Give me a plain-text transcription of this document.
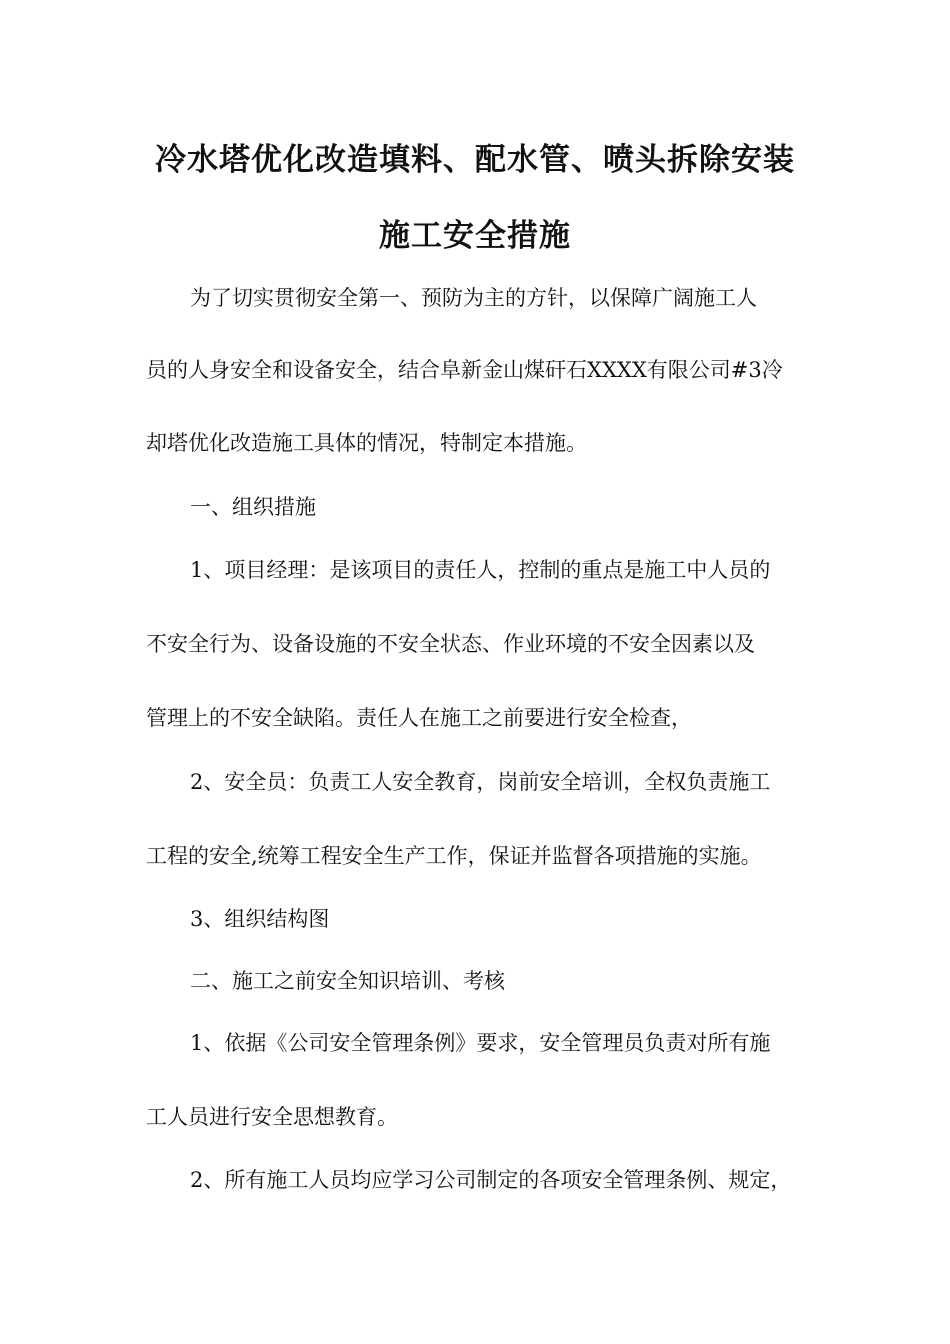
冷水塔优化改造填料、配水管、喷头拆除安装
施工安全措施

为了切实贯彻安全第一、预防为主的方针，以保障广阔施工人

员的人身安全和设备安全，结合阜新金山煤矸石XXXX有限公司#3冷

却塔优化改造施工具体的情况，特制定本措施。

一、组织措施

1、项目经理：是该项目的责任人，控制的重点是施工中人员的

不安全行为、设备设施的不安全状态、作业环境的不安全因素以及

管理上的不安全缺陷。责任人在施工之前要进行安全检查，

2、安全员：负责工人安全教育，岗前安全培训，全权负责施工

工程的安全,统筹工程安全生产工作，保证并监督各项措施的实施。

3、组织结构图

二、施工之前安全知识培训、考核

1、依据《公司安全管理条例》要求，安全管理员负责对所有施

工人员进行安全思想教育。

2、所有施工人员均应学习公司制定的各项安全管理条例、规定，
